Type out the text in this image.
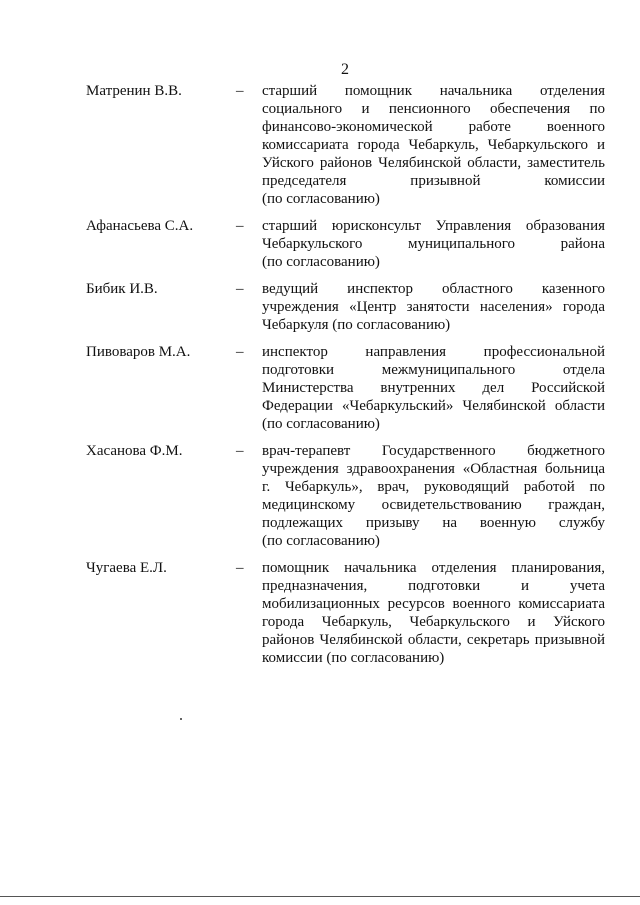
2
Матренин В.В.	– старший помощник начальника отделения
социального и пенсионного обеспечения по
финансово-экономической работе военного
комиссариата города Чебаркуль, Чебаркульского и
Уйского районов Челябинской области, заместитель
председателя призывной комиссии
(по согласованию)
Афанасьева С.А.	– старший юрисконсульт Управления образования
Чебаркульского муниципального района
(по согласованию)
Бибик И.В.	– ведущий инспектор областного казенного
учреждения «Центр занятости населения» города
Чебаркуля (по согласованию)
Пивоваров М.А.	– инспектор направления профессиональной
подготовки межмуниципального отдела
Министерства внутренних дел Российской
Федерации «Чебаркульский» Челябинской области
(по согласованию)
Хасанова Ф.М.	– врач-терапевт Государственного бюджетного
учреждения здравоохранения «Областная больница
г. Чебаркуль», врач, руководящий работой по
медицинскому освидетельствованию граждан,
подлежащих призыву на военную службу
(по согласованию)
Чугаева Е.Л.	– помощник начальника отделения планирования,
предназначения, подготовки и учета
мобилизационных ресурсов военного комиссариата
города Чебаркуль, Чебаркульского и Уйского
районов Челябинской области, секретарь призывной
комиссии (по согласованию)
